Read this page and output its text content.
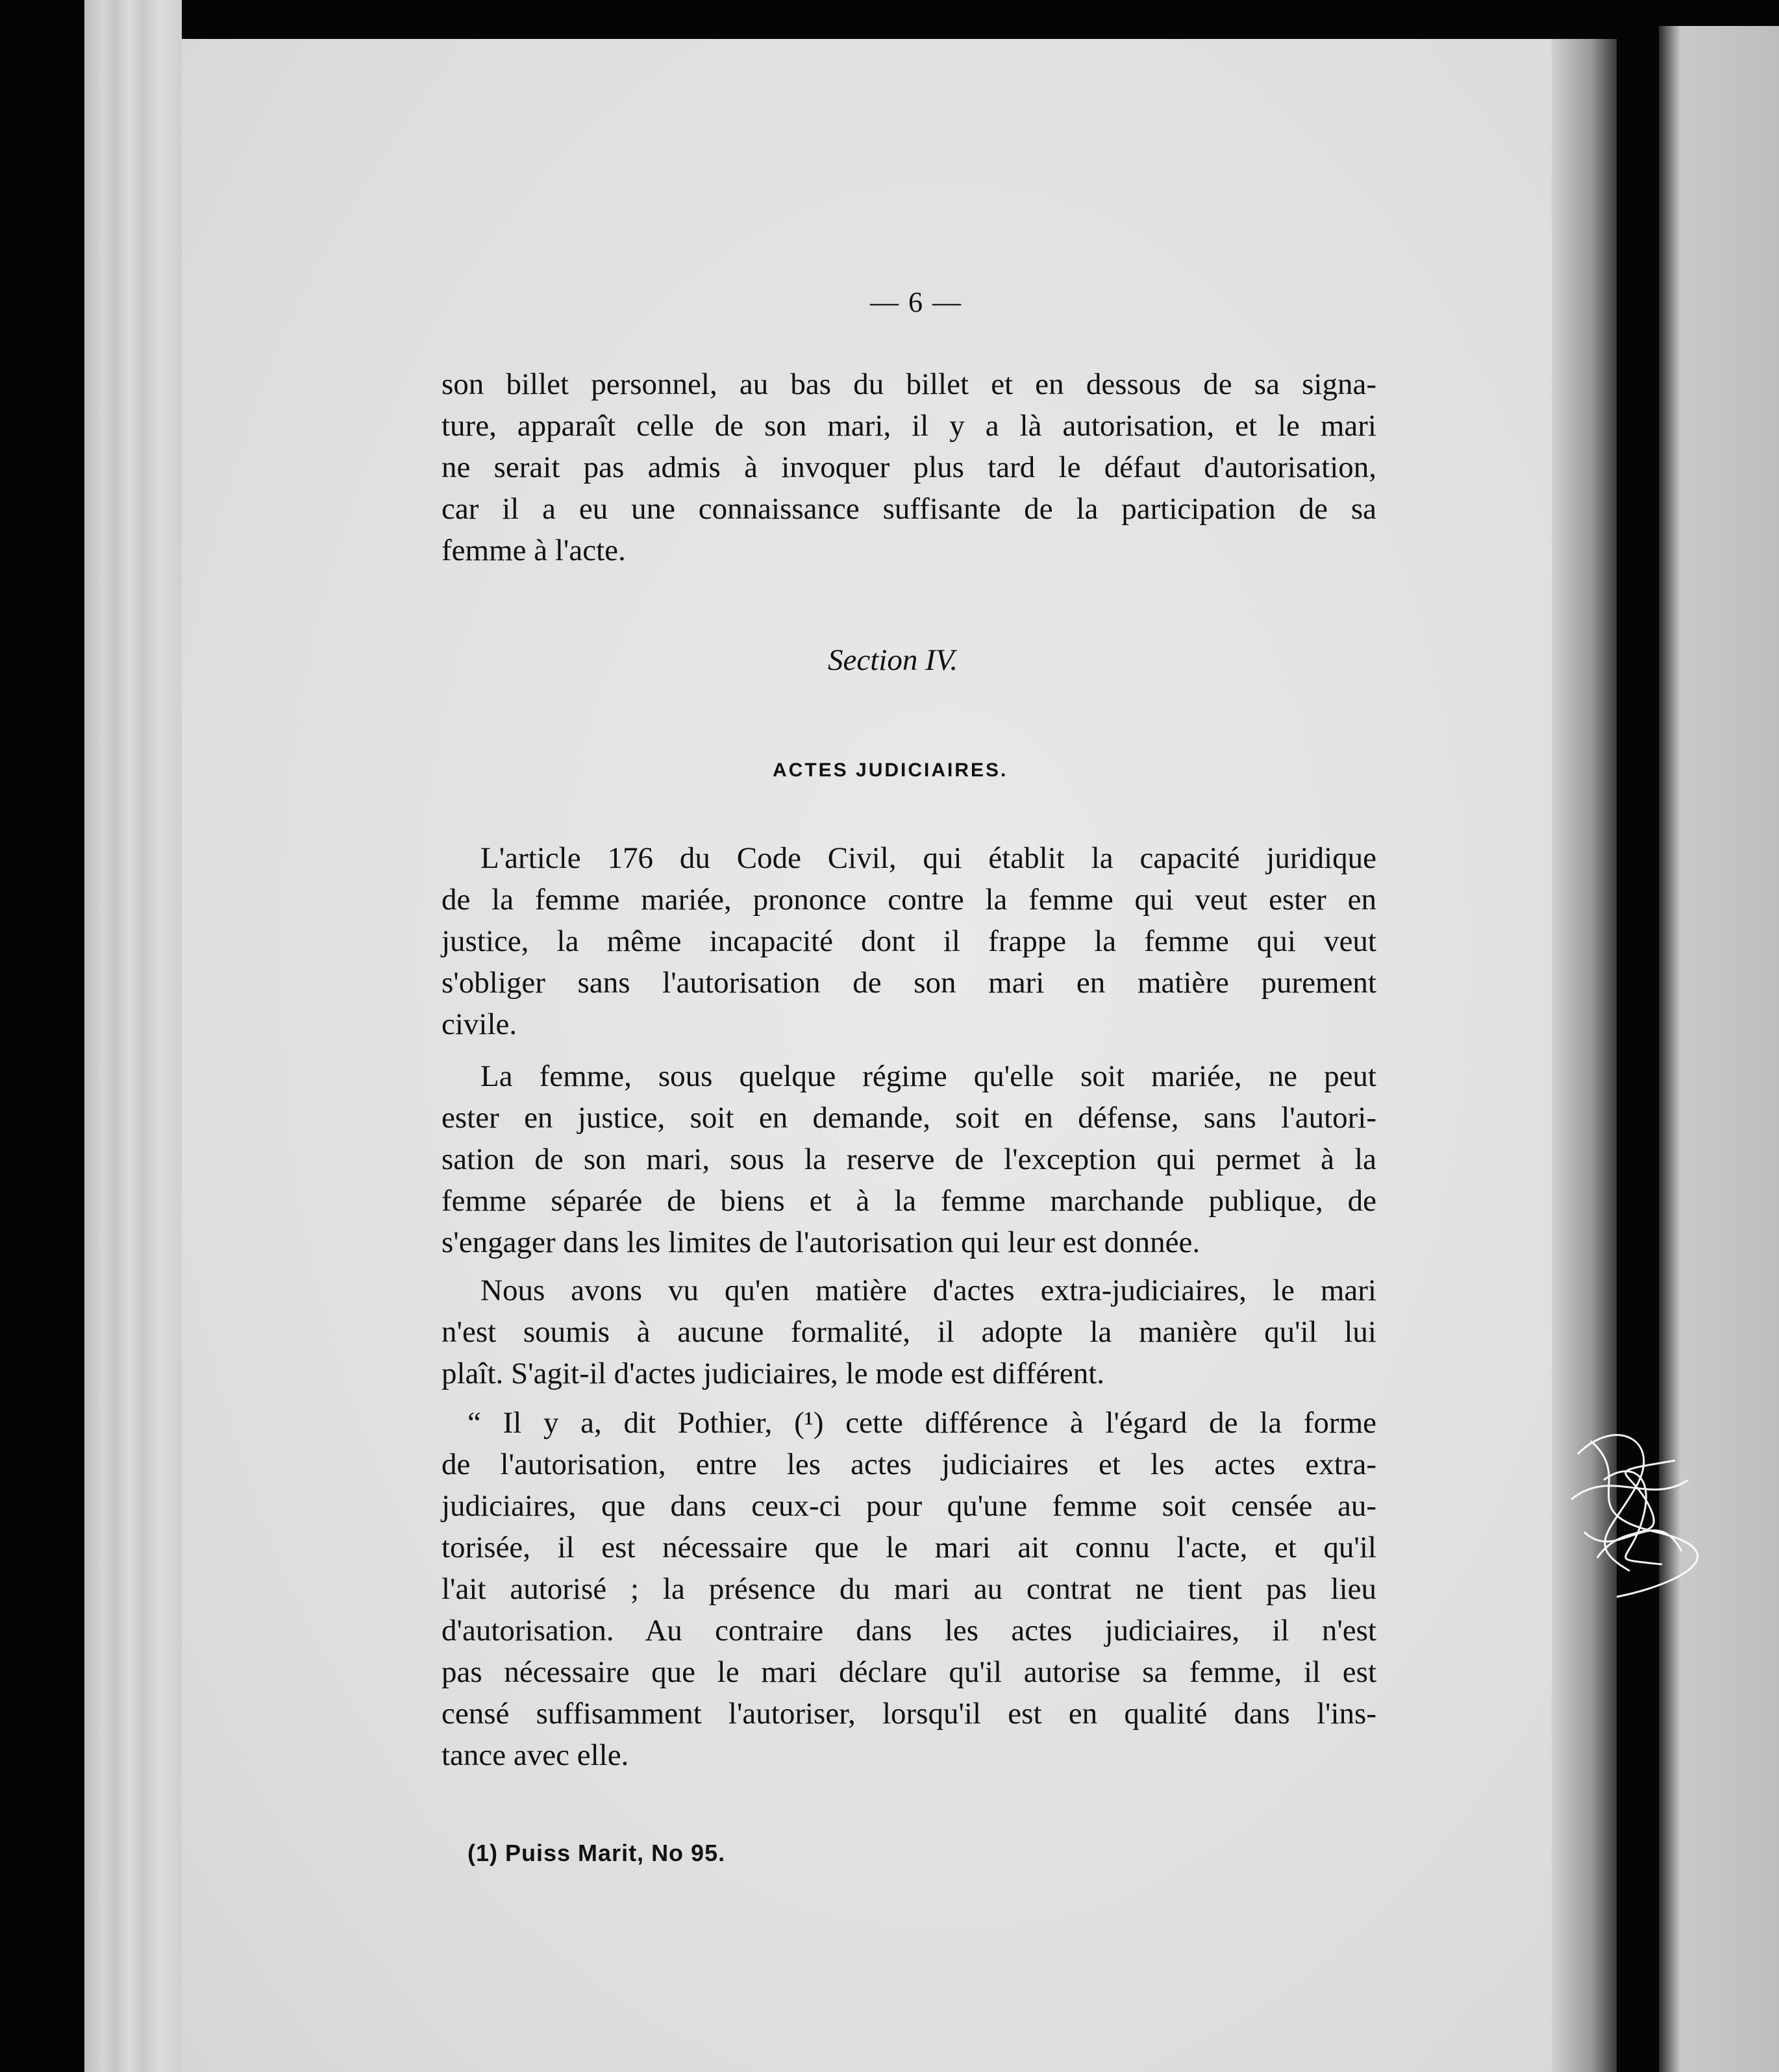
— 6 —

son billet personnel, au bas du billet et en dessous de sa signa-
ture, apparaît celle de son mari, il y a là autorisation, et le mari
ne serait pas admis à invoquer plus tard le défaut d'autorisation,
car il a eu une connaissance suffisante de la participation de sa
femme à l'acte.

Section IV.
ACTES JUDICIAIRES.

L'article 176 du Code Civil, qui établit la capacité juridique
de la femme mariée, prononce contre la femme qui veut ester en
justice, la même incapacité dont il frappe la femme qui veut
s'obliger sans l'autorisation de son mari en matière purement
civile.

La femme, sous quelque régime qu'elle soit mariée, ne peut
ester en justice, soit en demande, soit en défense, sans l'autori-
sation de son mari, sous la reserve de l'exception qui permet à la
femme séparée de biens et à la femme marchande publique, de
s'engager dans les limites de l'autorisation qui leur est donnée.

Nous avons vu qu'en matière d'actes extra-judiciaires, le mari
n'est soumis à aucune formalité, il adopte la manière qu'il lui
plaît. S'agit-il d'actes judiciaires, le mode est différent.

“ Il y a, dit Pothier, (¹) cette différence à l'égard de la forme
de l'autorisation, entre les actes judiciaires et les actes extra-
judiciaires, que dans ceux-ci pour qu'une femme soit censée au-
torisée, il est nécessaire que le mari ait connu l'acte, et qu'il
l'ait autorisé ; la présence du mari au contrat ne tient pas lieu
d'autorisation. Au contraire dans les actes judiciaires, il n'est
pas nécessaire que le mari déclare qu'il autorise sa femme, il est
censé suffisamment l'autoriser, lorsqu'il est en qualité dans l'ins-
tance avec elle.

(1) Puiss Marit, No 95.
